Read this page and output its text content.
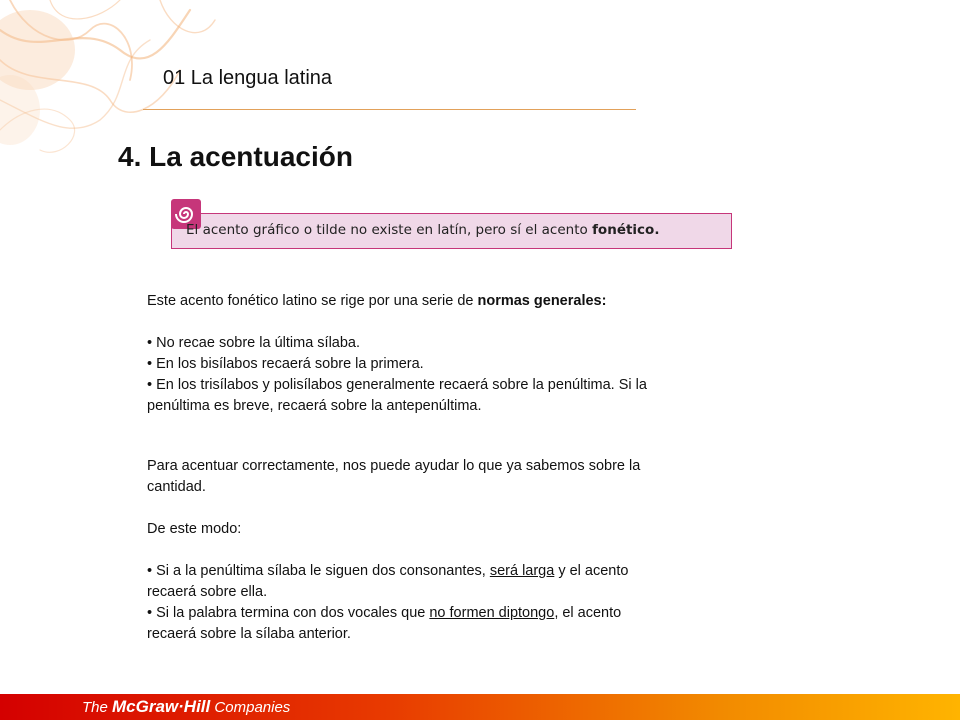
01 La lengua latina
4. La acentuación
El acento gráfico o tilde no existe en latín, pero sí el acento fonético.

Este acento fonético latino se rige por una serie de normas generales:

• No recae sobre la última sílaba.

• En los bisílabos recaerá sobre la primera.

• En los trisílabos y polisílabos generalmente recaerá sobre la penúltima. Si la

penúltima es breve, recaerá sobre la antepenúltima.

Para acentuar correctamente, nos puede ayudar lo que ya sabemos sobre la

cantidad.

De este modo:

• Si a la penúltima sílaba le siguen dos consonantes, será larga y el acento

recaerá sobre ella.

• Si la palabra termina con dos vocales que no formen diptongo, el acento

recaerá sobre la sílaba anterior.

The McGraw·Hill Companies
